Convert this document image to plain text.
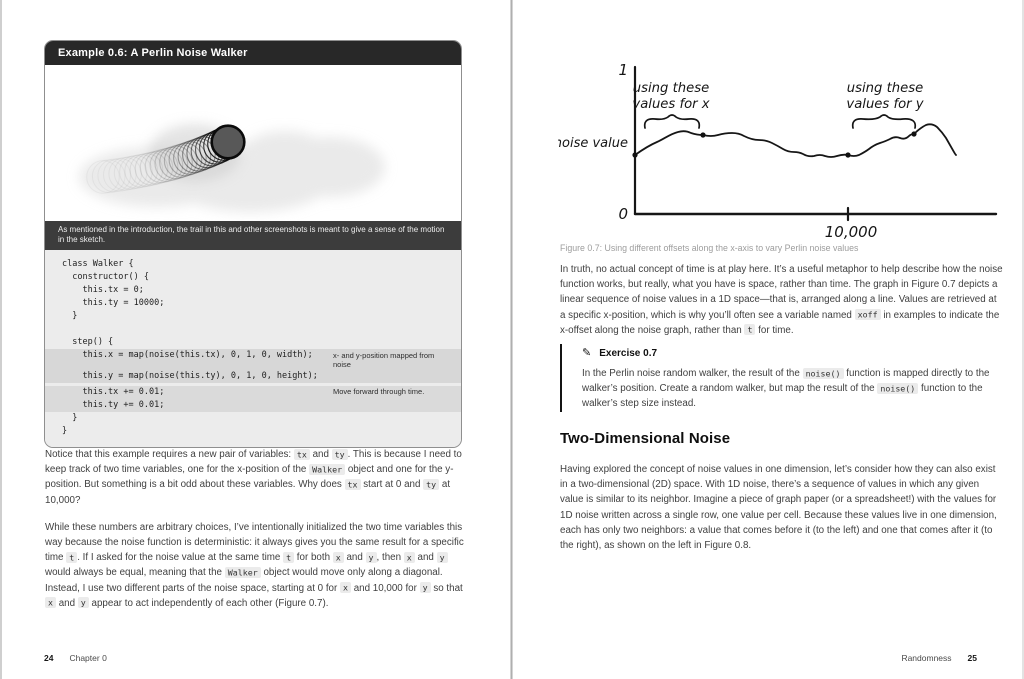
Example 0.6: A Perlin Noise Walker
As mentioned in the introduction, the trail in this and other screenshots is meant to give a sense of the motion in the sketch.
class Walker {
constructor() {
this.tx = 0;
this.ty = 10000;
}

step() {
this.x = map(noise(this.tx), 0, 1, 0, width);	x- and y-position mapped from noise
this.y = map(noise(this.ty), 0, 1, 0, height);
this.tx += 0.01;	Move forward through time.
this.ty += 0.01;
}
}

Notice that this example requires a new pair of variables: tx and ty . This is because I need to keep track of two time variables, one for the x-position of the Walker object and one for the y-position. But something is a bit odd about these variables. Why does tx start at 0 and ty at 10,000?

While these numbers are arbitrary choices, I’ve intentionally initialized the two time variables this way because the noise function is deterministic: it always gives you the same result for a specific time t . If I asked for the noise value at the same time t for both x and y , then x and y would always be equal, meaning that the Walker object would move only along a diagonal. Instead, I use two different parts of the noise space, starting at 0 for x and 10,000 for y so that x and y appear to act independently of each other (Figure 0.7).

24 Chapter 0
1
0
noise value
10,000
using these
values for x
using these
values for y
Figure 0.7: Using different offsets along the x-axis to vary Perlin noise values

In truth, no actual concept of time is at play here. It’s a useful metaphor to help describe how the noise function works, but really, what you have is space, rather than time. The graph in Figure 0.7 depicts a linear sequence of noise values in a 1D space—that is, arranged along a line. Values are retrieved at a specific x-position, which is why you’ll often see a variable named xoff in examples to indicate the x-offset along the noise graph, rather than t for time.

✎ Exercise 0.7
In the Perlin noise random walker, the result of the noise() function is mapped directly to the walker’s position. Create a random walker, but map the result of the noise() function to the walker’s step size instead.
Two-Dimensional Noise

Having explored the concept of noise values in one dimension, let’s consider how they can also exist in a two-dimensional (2D) space. With 1D noise, there’s a sequence of values in which any given value is similar to its neighbor. Imagine a piece of graph paper (or a spreadsheet!) with the values for 1D noise written across a single row, one value per cell. Because these values live in one dimension, each has only two neighbors: a value that comes before it (to the left) and one that comes after it (to the right), as shown on the left in Figure 0.8.

Randomness 25
